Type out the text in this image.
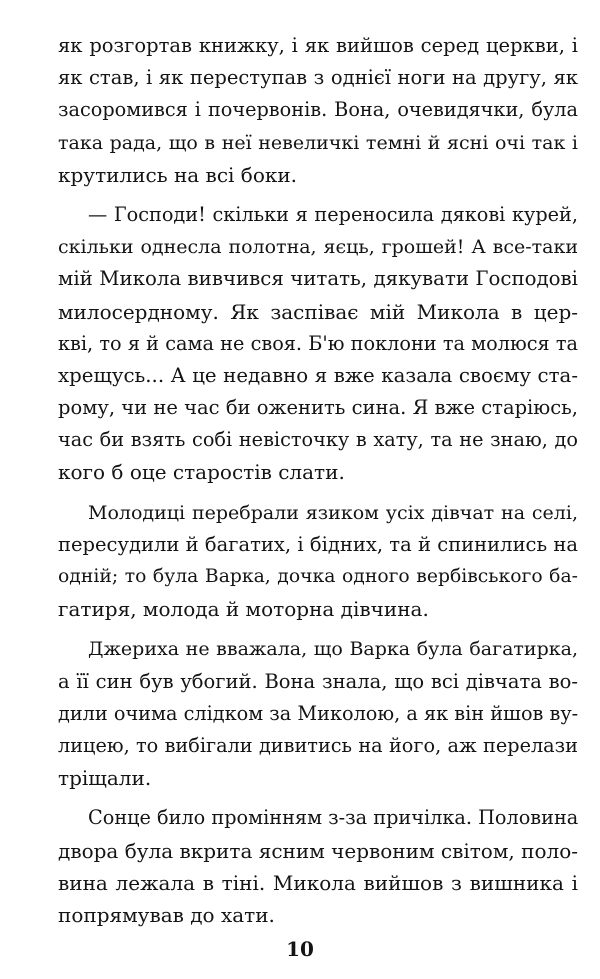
як розгортав книжку, і як вийшов серед церкви, і
як став, і як переступав з однієї ноги на другу, як
засоромився і почервонів. Вона, очевидячки, була
така рада, що в неї невеличкі темні й ясні очі так і
крутились на всі боки.
— Господи! скільки я переносила дякові курей,
скільки однесла полотна, яєць, грошей! А все-таки
мій Микола вивчився читать, дякувати Господові
милосердному. Як заспіває мій Микола в цер-
кві, то я й сама не своя. Б'ю поклони та молюся та
хрещусь... А це недавно я вже казала своєму ста-
рому, чи не час би оженить сина. Я вже старіюсь,
час би взять собі невісточку в хату, та не знаю, до
кого б оце старостів слати.
Молодиці перебрали язиком усіх дівчат на селі,
пересудили й багатих, і бідних, та й спинились на
одній; то була Варка, дочка одного вербівського ба-
гатиря, молода й моторна дівчина.
Джериха не вважала, що Варка була багатирка,
а її син був убогий. Вона знала, що всі дівчата во-
дили очима слідком за Миколою, а як він йшов ву-
лицею, то вибігали дивитись на його, аж перелази
тріщали.
Сонце било промінням з-за причілка. Половина
двора була вкрита ясним червоним світом, поло-
вина лежала в тіні. Микола вийшов з вишника і
попрямував до хати.
10
